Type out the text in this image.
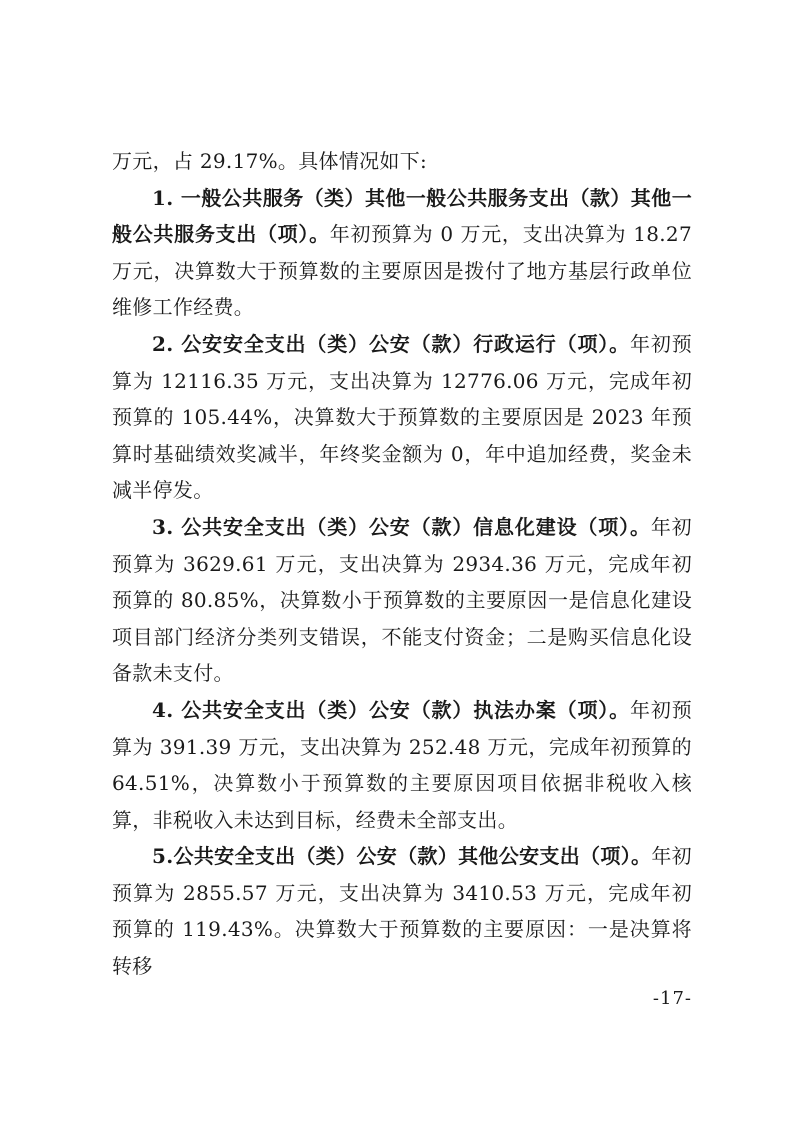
万元，占 29.17%。具体情况如下:

1. 一般公共服务（类）其他一般公共服务支出（款）其他一般公共服务支出（项）。年初预算为 0 万元，支出决算为 18.27 万元，决算数大于预算数的主要原因是拨付了地方基层行政单位维修工作经费。

2. 公安安全支出（类）公安（款）行政运行（项）。年初预算为 12116.35 万元，支出决算为 12776.06 万元，完成年初预算的 105.44%，决算数大于预算数的主要原因是 2023 年预算时基础绩效奖减半，年终奖金额为 0，年中追加经费，奖金未减半停发。

3. 公共安全支出（类）公安（款）信息化建设（项）。年初预算为 3629.61 万元，支出决算为 2934.36 万元，完成年初预算的 80.85%，决算数小于预算数的主要原因一是信息化建设项目部门经济分类列支错误，不能支付资金；二是购买信息化设备款未支付。

4. 公共安全支出（类）公安（款）执法办案（项）。年初预算为 391.39 万元，支出决算为 252.48 万元，完成年初预算的 64.51%，决算数小于预算数的主要原因项目依据非税收入核算，非税收入未达到目标，经费未全部支出。

5.公共安全支出（类）公安（款）其他公安支出（项）。年初预算为 2855.57 万元，支出决算为 3410.53 万元，完成年初预算的 119.43%。决算数大于预算数的主要原因：一是决算将转移

-17-
